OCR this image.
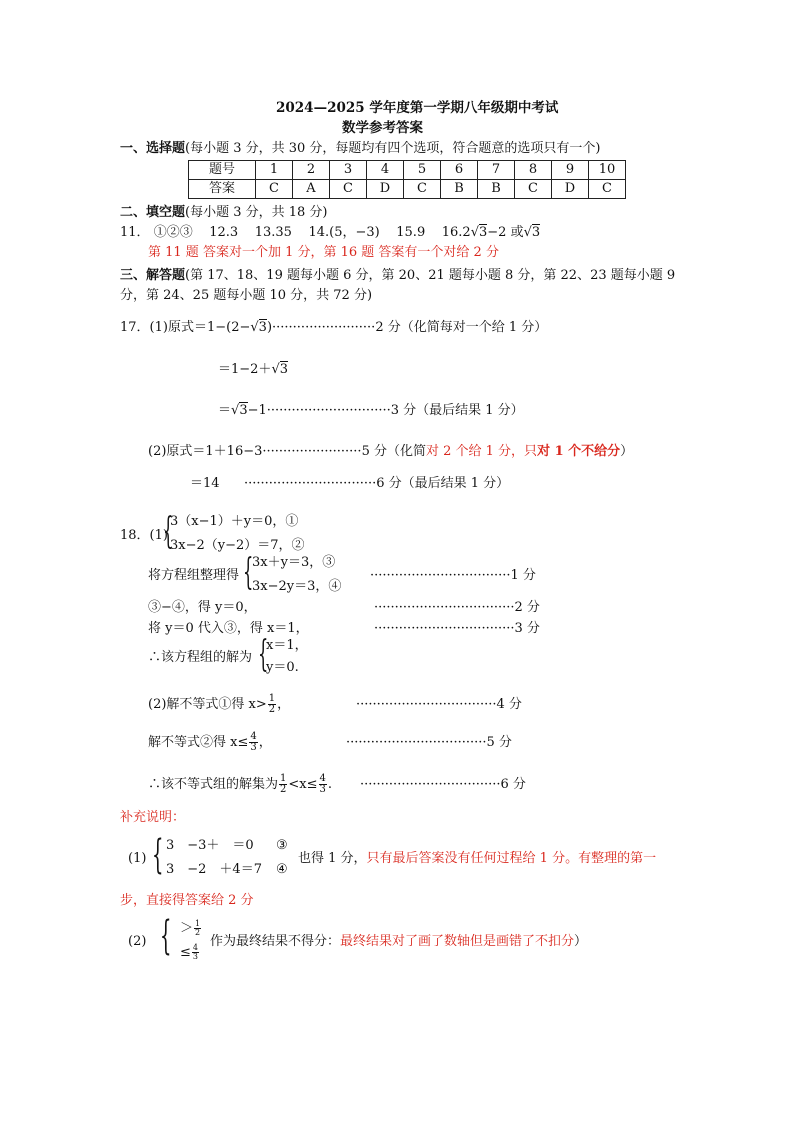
2024—2025 学年度第一学期八年级期中考试
数学参考答案
一、选择题(每小题 3 分，共 30 分，每题均有四个选项，符合题意的选项只有一个)
题号	1	2	3	4	5	6	7	8	9	10
答案	C	A	C	D	C	B	B	C	D	C
二、填空题(每小题 3 分，共 18 分)
11． ①②③ 12.3 13.35 14.(5，−3) 15.9 16.2√3−2 或√3
第 11 题 答案对一个加 1 分，第 16 题 答案有一个对给 2 分
三、解答题(第 17、18、19 题每小题 6 分，第 20、21 题每小题 8 分，第 22、23 题每小题 9
分，第 24、25 题每小题 10 分，共 72 分)
17．(1)原式＝1−(2−√3)·························2 分（化简每对一个给 1 分）
＝1−2＋√3
＝√3−1······························3 分（最后结果 1 分）
(2)原式＝1＋16−3························5 分（化简对 2 个给 1 分，只对 1 个不给分）
＝14 ································6 分（最后结果 1 分）
18．(1)
{
3（x−1）＋y＝0，①
3x−2（y−2）＝7，②
将方程组整理得 {
3x＋y＝3，③
3x−2y＝3，④
··································1 分
③−④，得 y＝0，	··································2 分
将 y＝0 代入③，得 x＝1，	··································3 分
∴该方程组的解为 {
x＝1，
y＝0.
(2)解不等式①得 $x> \frac{1}{2}$ ，	··································4 分
解不等式②得 $x\le \frac{4}{3}$ ，	··································5 分
∴该不等式组的解集为 $\frac{1}{2} <x\le \frac{4}{3}$ . ··································6 分
补充说明：
(1) { 3　−3＋　＝0 ③
3　−2　＋4＝7 ④
也得 1 分，只有最后答案没有任何过程给 1 分。有整理的第一
步，直接得答案给 2 分
(2) { ＞ $\frac{1}{2}$
≤ $\frac{4}{3}$
作为最终结果不得分：最终结果对了画了数轴但是画错了不扣分）
